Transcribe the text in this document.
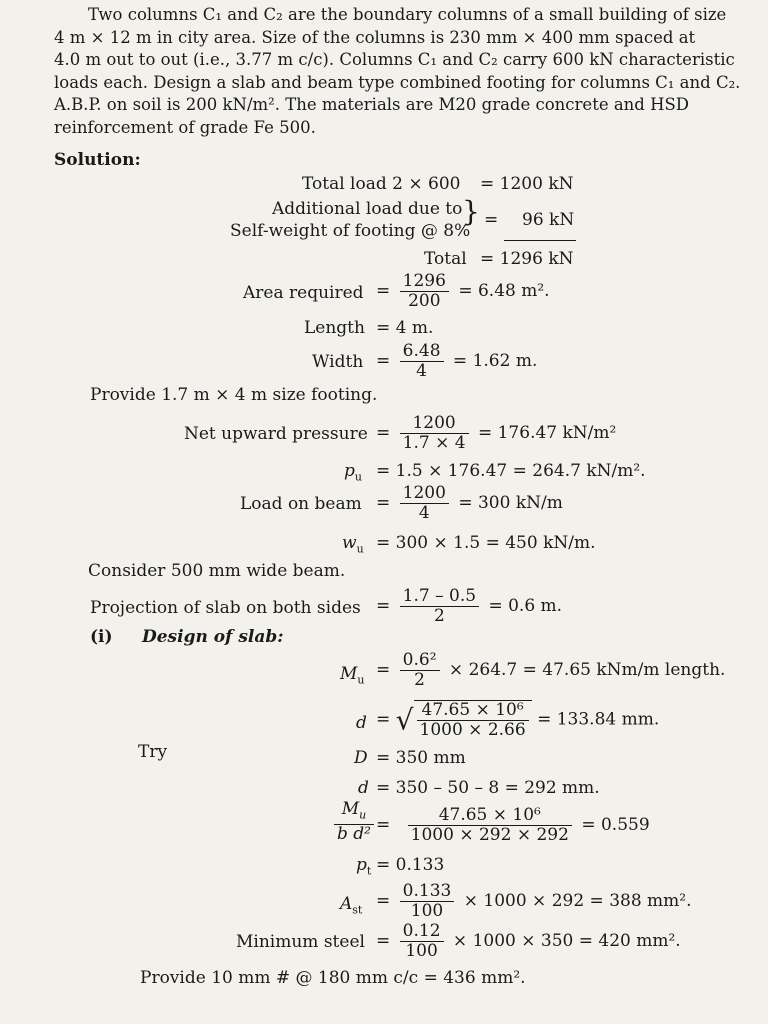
Two columns C₁ and C₂ are the boundary columns of a small building of size
4 m × 12 m in city area. Size of the columns is 230 mm × 400 mm spaced at
4.0 m out to out (i.e., 3.77 m c/c). Columns C₁ and C₂ carry 600 kN characteristic
loads each. Design a slab and beam type combined footing for columns C₁ and C₂.
A.B.P. on soil is 200 kN/m². The materials are M20 grade concrete and HSD
reinforcement of grade Fe 500.
Solution:
Total load 2 × 600 = 1200 kN
Additional load due to
Self-weight of footing @ 8%
} = 96 kN
Total = 1296 kN
Area required = $\frac{1296}{200} = 6.48$ m².
Length = 4 m.
Width = $\frac{6.48}{4} = 1.62$ m.
Provide 1.7 m × 4 m size footing.
Net upward pressure = $\frac{1200}{1.7 \times 4} = 176.47$ kN/m²
$p_u = 1.5 \times 176.47 = 264.7$ kN/m².
Load on beam = $\frac{1200}{4} = 300$ kN/m
$w_u = 300 \times 1.5 = 450$ kN/m.
Consider 500 mm wide beam.
Projection of slab on both sides = $\frac{1.7 - 0.5}{2} = 0.6$ m.
(i) Design of slab:
$M_u = \frac{\text{0.6²}}{2} \times 264.7 = 47.65$ kNm/m length.
d = √ $\frac{\text{47.65 × 10⁶}}{1000 \times 2.66} = 133.84$ mm.
Try	D = 350 mm
d = 350 – 50 – 8 = 292 mm.
$\frac{M_u}{\text{b d²}} = \frac{\text{47.65 × 10⁶}}{1000 \times 292 \times 292} = 0.559$
$p_t = 0.133$
$A_{st} = \frac{0.133}{100} \times 1000 \times 292 = 388$ mm².
Minimum steel = $\frac{0.12}{100} \times 1000 \times 350 = 420$ mm².
Provide 10 mm # @ 180 mm c/c = 436 mm².
